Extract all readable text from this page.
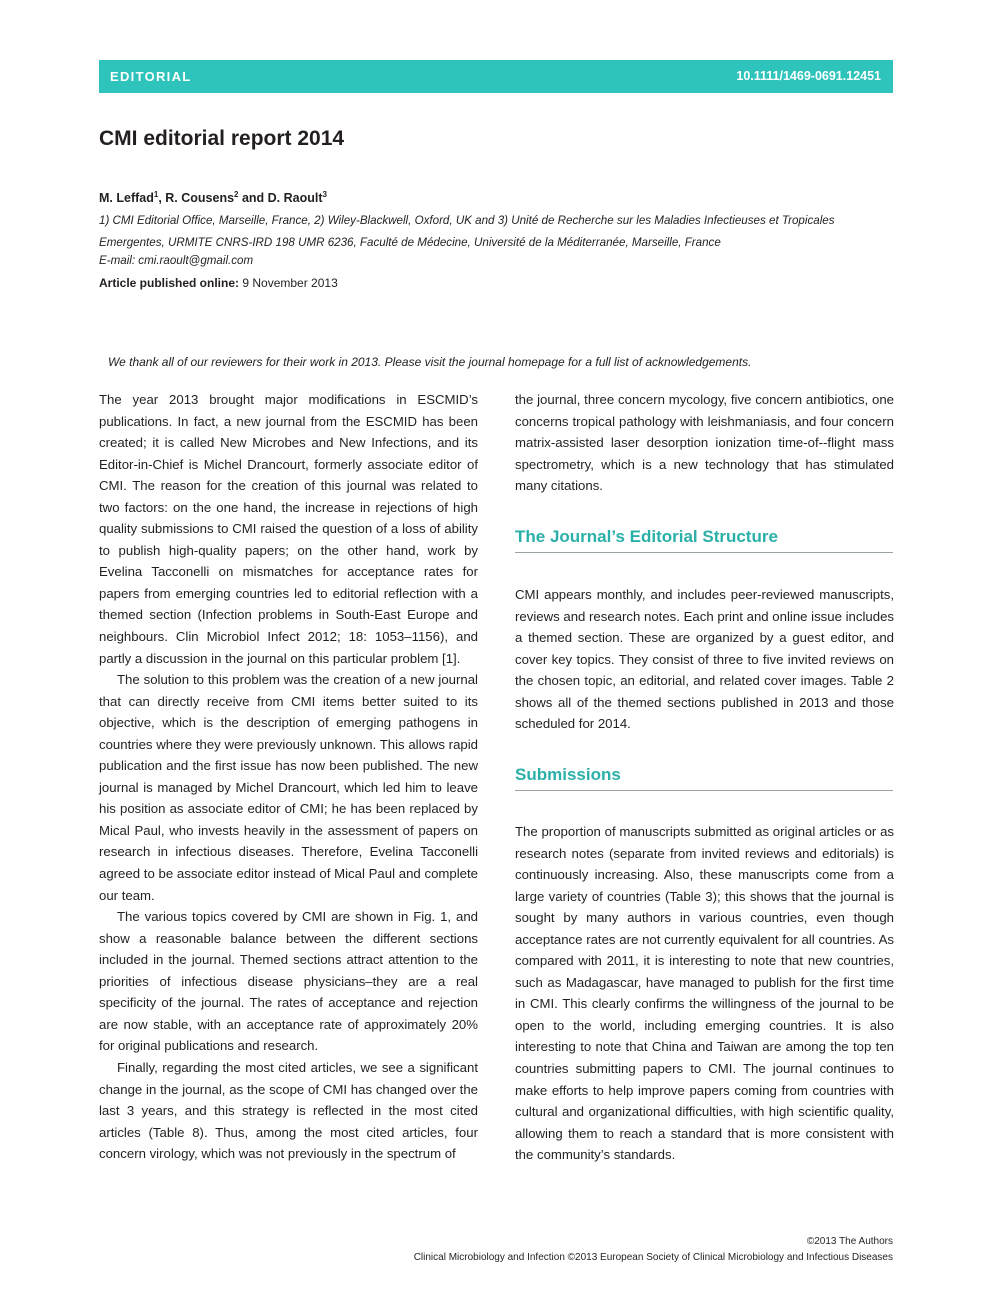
EDITORIAL	10.1111/1469-0691.12451
CMI editorial report 2014
M. Leffad$^1$, R. Cousens$^2$ and D. Raoult$^3$
1) CMI Editorial Office, Marseille, France, 2) Wiley-Blackwell, Oxford, UK and 3) Unité de Recherche sur les Maladies Infectieuses et Tropicales Emergentes, URMITE CNRS-IRD 198 UMR 6236, Faculté de Médecine, Université de la Méditerranée, Marseille, France
E-mail: cmi.raoult@gmail.com
Article published online: 9 November 2013
We thank all of our reviewers for their work in 2013. Please visit the journal homepage for a full list of acknowledgements.

The year 2013 brought major modifications in ESCMID’s publications. In fact, a new journal from the ESCMID has been created; it is called New Microbes and New Infections, and its Editor-in-Chief is Michel Drancourt, formerly associate editor of CMI. The reason for the creation of this journal was related to two factors: on the one hand, the increase in rejections of high quality submissions to CMI raised the question of a loss of ability to publish high-quality papers; on the other hand, work by Evelina Tacconelli on mismatches for acceptance rates for papers from emerging countries led to editorial reflection with a themed section (Infection problems in South-East Europe and neighbours. Clin Microbiol Infect 2012; 18: 1053–1156), and partly a discussion in the journal on this particular problem [1].

The solution to this problem was the creation of a new journal that can directly receive from CMI items better suited to its objective, which is the description of emerging pathogens in countries where they were previously unknown. This allows rapid publication and the first issue has now been published. The new journal is managed by Michel Drancourt, which led him to leave his position as associate editor of CMI; he has been replaced by Mical Paul, who invests heavily in the assessment of papers on research in infectious diseases. Therefore, Evelina Tacconelli agreed to be associate editor instead of Mical Paul and complete our team.

The various topics covered by CMI are shown in Fig. 1, and show a reasonable balance between the different sections included in the journal. Themed sections attract attention to the priorities of infectious disease physicians–they are a real specificity of the journal. The rates of acceptance and rejection are now stable, with an acceptance rate of approximately 20% for original publications and research.

Finally, regarding the most cited articles, we see a significant change in the journal, as the scope of CMI has changed over the last 3 years, and this strategy is reflected in the most cited articles (Table 8). Thus, among the most cited articles, four concern virology, which was not previously in the spectrum of

the journal, three concern mycology, five concern antibiotics, one concerns tropical pathology with leishmaniasis, and four concern matrix-assisted laser desorption ionization time-of--flight mass spectrometry, which is a new technology that has stimulated many citations.

The Journal’s Editorial Structure

CMI appears monthly, and includes peer-reviewed manuscripts, reviews and research notes. Each print and online issue includes a themed section. These are organized by a guest editor, and cover key topics. They consist of three to five invited reviews on the chosen topic, an editorial, and related cover images. Table 2 shows all of the themed sections published in 2013 and those scheduled for 2014.

Submissions

The proportion of manuscripts submitted as original articles or as research notes (separate from invited reviews and editorials) is continuously increasing. Also, these manuscripts come from a large variety of countries (Table 3); this shows that the journal is sought by many authors in various countries, even though acceptance rates are not currently equivalent for all countries. As compared with 2011, it is interesting to note that new countries, such as Madagascar, have managed to publish for the first time in CMI. This clearly confirms the willingness of the journal to be open to the world, including emerging countries. It is also interesting to note that China and Taiwan are among the top ten countries submitting papers to CMI. The journal continues to make efforts to help improve papers coming from countries with cultural and organizational difficulties, with high scientific quality, allowing them to reach a standard that is more consistent with the community’s standards.

©2013 The Authors
Clinical Microbiology and Infection ©2013 European Society of Clinical Microbiology and Infectious Diseases
